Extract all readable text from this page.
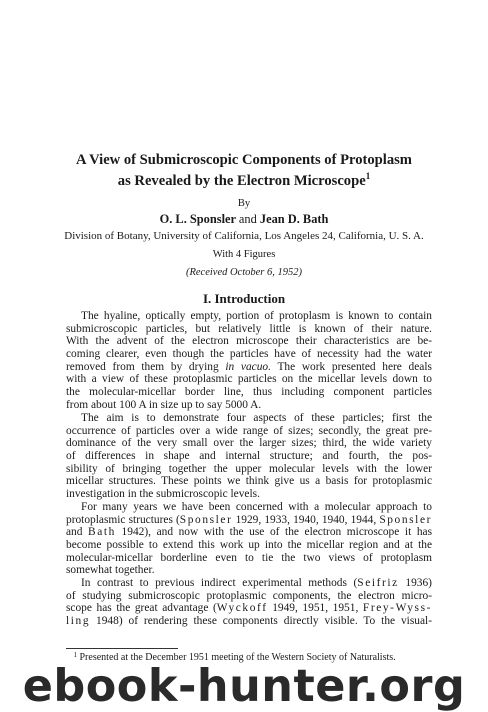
A View of Submicroscopic Components of Protoplasm
as Revealed by the Electron Microscope$^1$
By
O. L. Sponsler and Jean D. Bath
Division of Botany, University of California, Los Angeles 24, California, U. S. A.
With 4 Figures
(Received October 6, 1952)
I. Introduction
The hyaline, optically empty, portion of protoplasm is known to contain
submicroscopic particles, but relatively little is known of their nature.
With the advent of the electron microscope their characteristics are be-
coming clearer, even though the particles have of necessity had the water
removed from them by drying in vacuo. The work presented here deals
with a view of these protoplasmic particles on the micellar levels down to
the molecular-micellar border line, thus including component particles
from about 100 A in size up to say 5000 A.
The aim is to demonstrate four aspects of these particles; first the
occurrence of particles over a wide range of sizes; secondly, the great pre-
dominance of the very small over the larger sizes; third, the wide variety
of differences in shape and internal structure; and fourth, the pos-
sibility of bringing together the upper molecular levels with the lower
micellar structures. These points we think give us a basis for protoplasmic
investigation in the submicroscopic levels.
For many years we have been concerned with a molecular approach to
protoplasmic structures (Sponsler 1929, 1933, 1940, 1940, 1944, Sponsler
and Bath 1942), and now with the use of the electron microscope it has
become possible to extend this work up into the micellar region and at the
molecular-micellar borderline even to tie the two views of protoplasm
somewhat together.
In contrast to previous indirect experimental methods (Seifriz 1936)
of studying submicroscopic protoplasmic components, the electron micro-
scope has the great advantage (Wyckoff 1949, 1951, 1951, Frey-Wyss-
ling 1948) of rendering these components directly visible. To the visual-
$^1$ Presented at the December 1951 meeting of the Western Society of Naturalists.
ebook-hunter.org
